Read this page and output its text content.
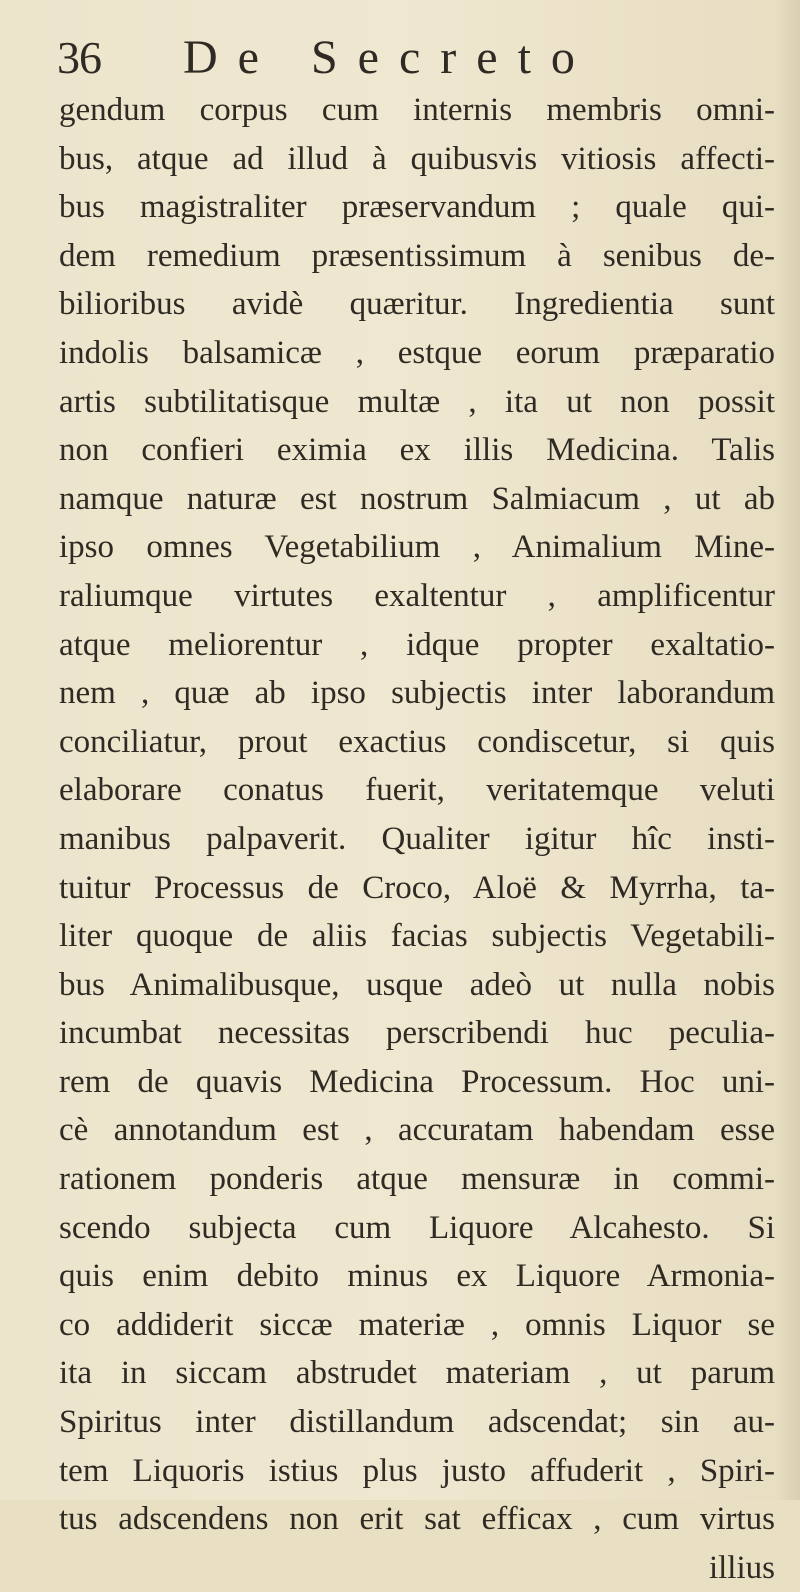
36 De Secreto
gendum corpus cum internis membris omni-
bus, atque ad illud à quibusvis vitiosis affecti-
bus magistraliter præservandum ; quale qui-
dem remedium præsentissimum à senibus de-
bilioribus avidè quæritur. Ingredientia sunt
indolis balsamicæ , estque eorum præparatio
artis subtilitatisque multæ , ita ut non possit
non confieri eximia ex illis Medicina. Talis
namque naturæ est nostrum Salmiacum , ut ab
ipso omnes Vegetabilium , Animalium Mine-
raliumque virtutes exaltentur , amplificentur
atque meliorentur , idque propter exaltatio-
nem , quæ ab ipso subjectis inter laborandum
conciliatur, prout exactius condiscetur, si quis
elaborare conatus fuerit, veritatemque veluti
manibus palpaverit. Qualiter igitur hîc insti-
tuitur Processus de Croco, Aloë & Myrrha, ta-
liter quoque de aliis facias subjectis Vegetabili-
bus Animalibusque, usque adeò ut nulla nobis
incumbat necessitas perscribendi huc peculia-
rem de quavis Medicina Processum. Hoc uni-
cè annotandum est , accuratam habendam esse
rationem ponderis atque mensuræ in commi-
scendo subjecta cum Liquore Alcahesto. Si
quis enim debito minus ex Liquore Armonia-
co addiderit siccæ materiæ , omnis Liquor se
ita in siccam abstrudet materiam , ut parum
Spiritus inter distillandum adscendat; sin au-
tem Liquoris istius plus justo affuderit , Spiri-
tus adscendens non erit sat efficax , cum virtus
illius
